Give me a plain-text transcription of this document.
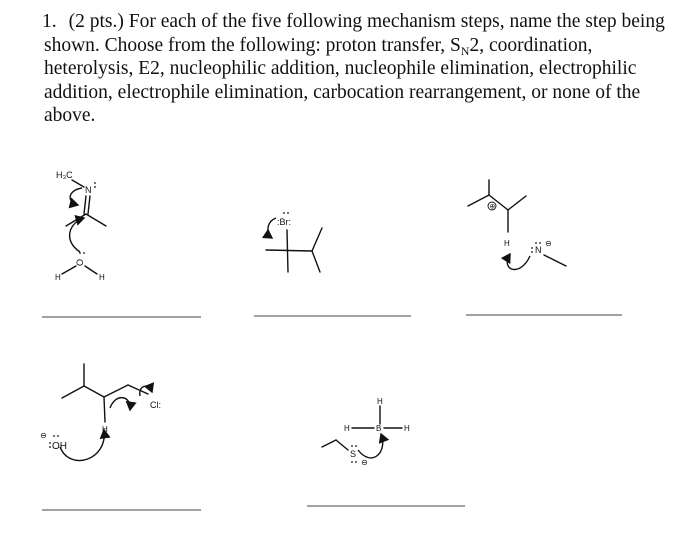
1. (2 pts.) For each of the five following mechanism steps, name the step being shown. Choose from the following: proton transfer, $S_N2$, coordination, heterolysis, E2, nucleophilic addition, nucleophile elimination, electrophilic addition, electrophile elimination, carbocation rearrangement, or none of the above.
H₃C
N
O
H	H
:Br:
⊕
H
N
⊖
Cl:
H
⊖
OH
H
H	B	H
S
⊖
